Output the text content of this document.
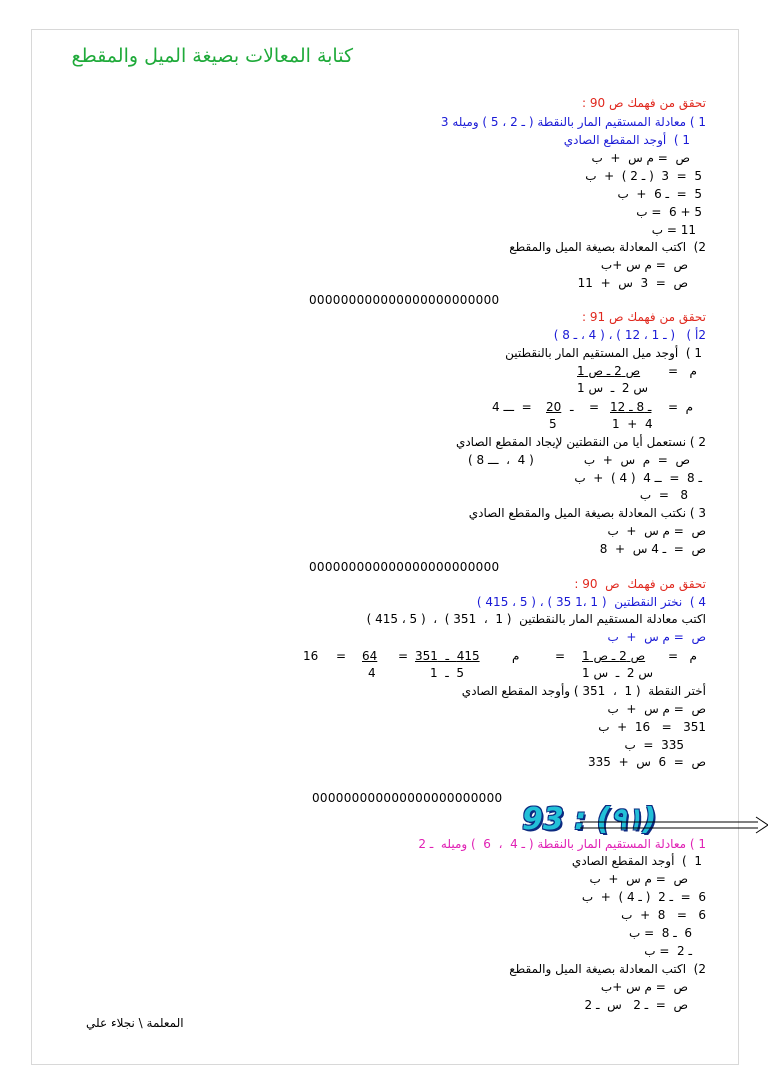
كتابة المعالات بصيغة الميل والمقطع

تحقق من فهمك ص 90 :

1 ) معادلة المستقيم المار بالنقطة ( ـ 2 ، 5 ) وميله 3

1 )  أوجد المقطع الصادي

ص  = م س  +  ب

5  =  3  ( ـ 2 )  +  ب

5  =  ـ 6  +  ب

5 + 6  = ب

11 = ب

2)  اكتب المعادلة بصيغة الميل والمقطع

ص  = م س +ب

ص  =  3  س  +  11

000000000000000000000000

تحقق من فهمك ص 91 :

2أ )   ( ـ 1 ، 12 ) ، ( 4 ، ـ 8 )

1 )  أوجد ميل المستقيم المار بالنقطتين

م   =
ص 2 ـ ص 1
س 2  ـ  س 1
م  =
ـ 8 ـ 12
4  +  1
=
ـ
20
5
=  ـــ 4

2 ) نستعمل أيا من النقطتين لإيجاد المقطع الصادي

( 4  ،  ـــ 8 )	ص  =  م  س  +  ب

ـ 8  =  ــ 4  ( 4 )  +  ب

8   =  ب

3 ) نكتب المعادلة بصيغة الميل والمقطع الصادي

ص  = م س  +  ب

ص  =  ـ 4 س  +  8

000000000000000000000000

تحقق من فهمك  ص  90 :

4 )  نختر النقطتين  ( 1 ،1 35 ) ، ( 5 ، 415 )

اكتب معادلة المستقيم المار بالنقطتين  ( 1  ،  351 )  ،  ( 5 ، 415 )

ص  = م س  +  ب

م   =
ص 2 ـ ص 1
س 2  ـ  س 1
=
م
415  ـ  351
5  ـ  1
=
64
4
=
16

أختر النقطة  ( 1  ،  351 ) وأوجد المقطع الصادي

ص  = م س  +  ب

351   =   16  +  ب

335  =  ب

ص  =  6  س  +  335

000000000000000000000000
(٩١) : 93

1 ) معادلة المستقيم المار بالنقطة ( ـ 4  ،  6  ) وميله  ـ 2

1  )  أوجد المقطع الصادي

ص  = م س  +  ب

6  =  ـ 2  ( ـ 4 )  +  ب

6   =   8  +  ب

6  ـ 8  = ب

ـ 2  = ب

2)  اكتب المعادلة بصيغة الميل والمقطع

ص  = م س +ب

ص  =  ـ 2   س  ـ 2

المعلمة \ نجلاء علي
